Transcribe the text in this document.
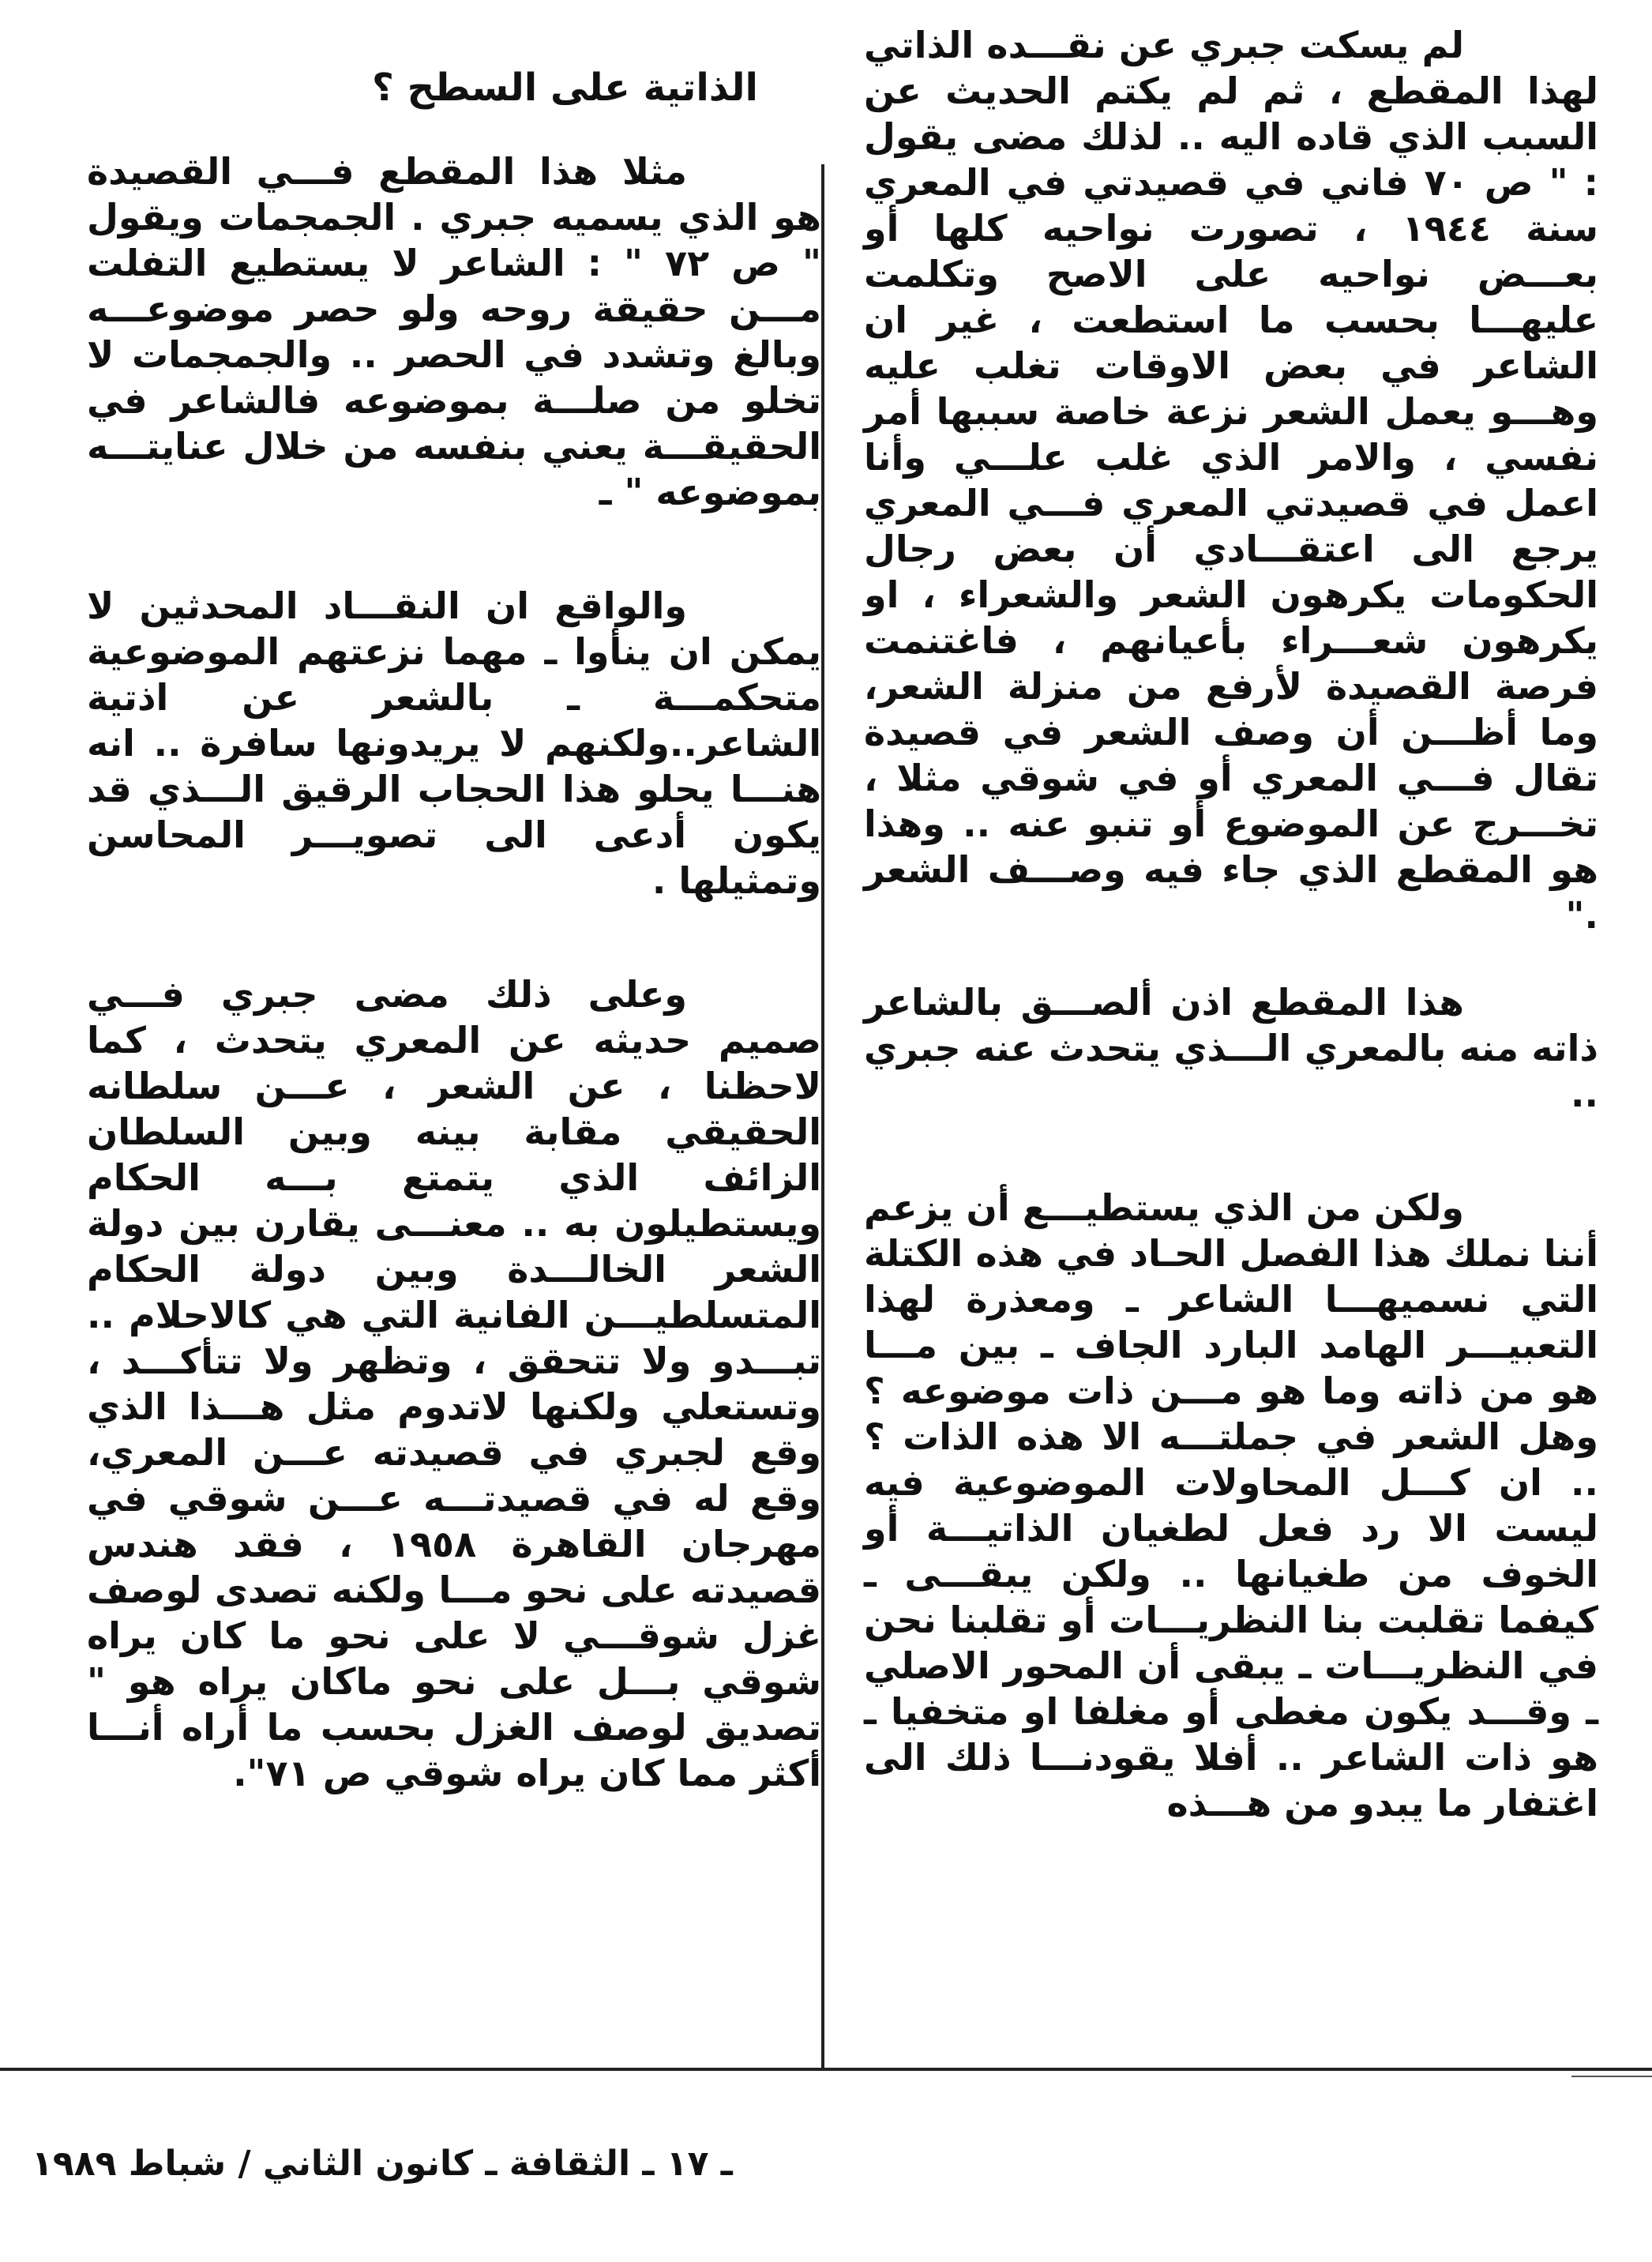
لم يسكت جبري عن نقـــده الذاتي لهذا المقطع ، ثم لم يكتم الحديث عن السبب الذي قاده اليه .. لذلك مضى يقول : " ص ٧٠ فاني في قصيدتي في المعري سنة ١٩٤٤ ، تصورت نواحيه كلها أو بعـــض نواحيه على الاصح وتكلمت عليهـــا بحسب ما استطعت ، غير ان الشاعر في بعض الاوقات تغلب عليه وهـــو يعمل الشعر نزعة خاصة سببها أمر نفسي ، والامر الذي غلب علـــي وأنا اعمل في قصيدتي المعري فـــي المعري يرجع الى اعتقـــادي أن بعض رجال الحكومات يكرهون الشعر والشعراء ، او يكرهون شعـــراء بأعيانهم ، فاغتنمت فرصة القصيدة لأرفع من منزلة الشعر، وما أظـــن أن وصف الشعر في قصيدة تقال فـــي المعري أو في شوقي مثلا ، تخـــرج عن الموضوع أو تنبو عنه .. وهذا هو المقطع الذي جاء فيه وصـــف الشعر ."

هذا المقطع اذن ألصـــق بالشاعر ذاته منه بالمعري الـــذي يتحدث عنه جبري ..

ولكن من الذي يستطيـــع أن يزعم أننا نملك هذا الفصل الحـاد في هذه الكتلة التي نسميهـــا الشاعر ـ ومعذرة لهذا التعبيـــر الهامد البارد الجاف ـ بين مـــا هو من ذاته وما هو مـــن ذات موضوعه ؟ وهل الشعر في جملتـــه الا هذه الذات ؟ .. ان كـــل المحاولات الموضوعية فيه ليست الا رد فعل لطغيان الذاتيـــة أو الخوف من طغيانها .. ولكن يبقـــى ـ كيفما تقلبت بنا النظريـــات أو تقلبنا نحن في النظريـــات ـ يبقى أن المحور الاصلي ـ وقـــد يكون مغطى أو مغلفا او متخفيا ـ هو ذات الشاعر .. أفلا يقودنـــا ذلك الى اغتفار ما يبدو من هـــذه

الذاتية على السطح ؟

مثلا هذا المقطع فـــي القصيدة هو الذي يسميه جبري . الجمجمات ويقول " ص ٧٢ " : الشاعر لا يستطيع التفلت مـــن حقيقة روحه ولو حصر موضوعـــه وبالغ وتشدد في الحصر .. والجمجمات لا تخلو من صلـــة بموضوعه فالشاعر في الحقيقـــة يعني بنفسه من خلال عنايتـــه بموضوعه " ـ

والواقع ان النقـــاد المحدثين لا يمكن ان ينأوا ـ مهما نزعتهم الموضوعية متحكمـــة ـ بالشعر عن اذتية الشاعر..ولكنهم لا يريدونها سافرة .. انه هنـــا يحلو هذا الحجاب الرقيق الـــذي قد يكون أدعى الى تصويـــر المحاسن وتمثيلها .

وعلى ذلك مضى جبري فـــي صميم حديثه عن المعري يتحدث ، كما لاحظنا ، عن الشعر ، عـــن سلطانه الحقيقي مقابة بينه وبين السلطان الزائف الذي يتمتع بـــه الحكام ويستطيلون به .. معنـــى يقارن بين دولة الشعر الخالـــدة وبين دولة الحكام المتسلطيـــن الفانية التي هي كالاحلام .. تبـــدو ولا تتحقق ، وتظهر ولا تتأكـــد ، وتستعلي ولكنها لاتدوم مثل هـــذا الذي وقع لجبري في قصيدته عـــن المعري، وقع له في قصيدتـــه عـــن شوقي في مهرجان القاهرة ١٩٥٨ ، فقد هندس قصيدته على نحو مـــا ولكنه تصدى لوصف غزل شوقـــي لا على نحو ما كان يراه شوقي بـــل على نحو ماكان يراه هو " تصديق لوصف الغزل بحسب ما أراه أنـــا أكثر مما كان يراه شوقي ص ٧١".

ـ ١٧ ـ الثقافة ـ كانون الثاني / شباط ١٩٨٩
